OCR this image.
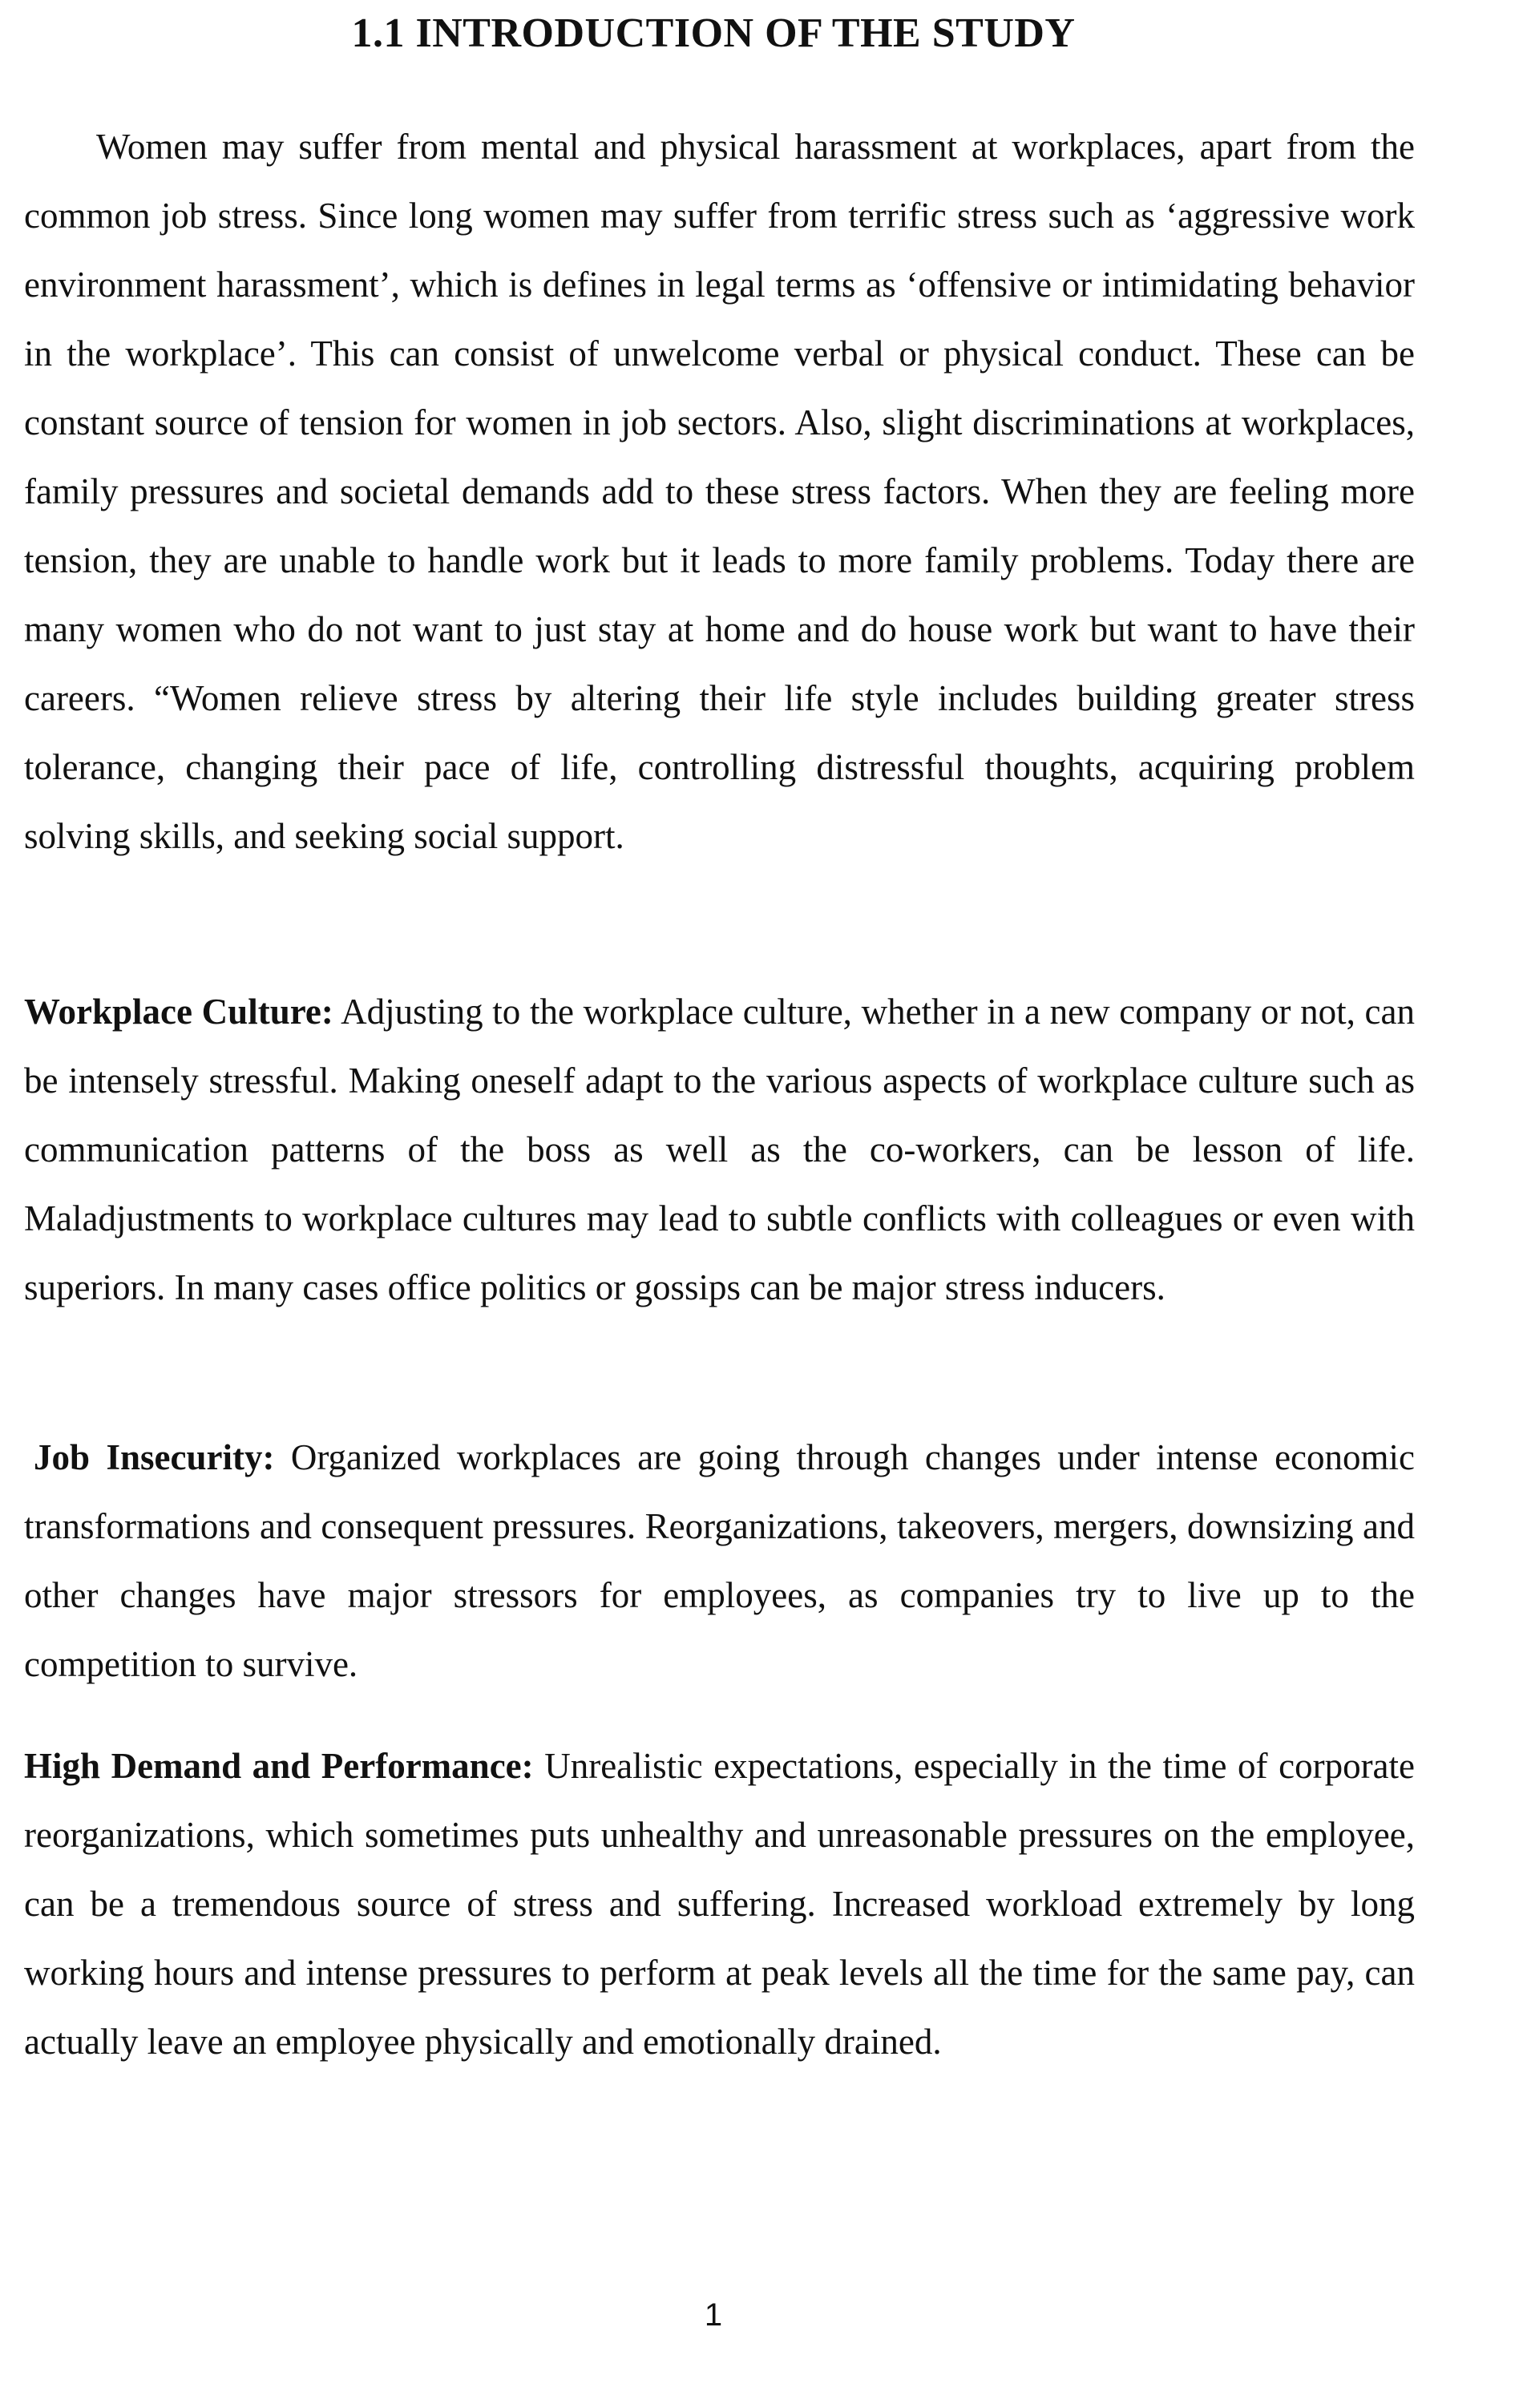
1.1 INTRODUCTION OF THE STUDY

Women may suffer from mental and physical harassment at workplaces, apart from the common job stress. Since long women may suffer from terrific stress such as ‘aggressive work environment harassment’, which is defines in legal terms as ‘offensive or intimidating behavior in the workplace’. This can consist of unwelcome verbal or physical conduct. These can be constant source of tension for women in job sectors. Also, slight discriminations at workplaces, family pressures and societal demands add to these stress factors. When they are feeling more tension, they are unable to handle work but it leads to more family problems. Today there are many women who do not want to just stay at home and do house work but want to have their careers. “Women relieve stress by altering their life style includes building greater stress tolerance, changing their pace of life, controlling distressful thoughts, acquiring problem solving skills, and seeking social support.

Workplace Culture: Adjusting to the workplace culture, whether in a new company or not, can be intensely stressful. Making oneself adapt to the various aspects of workplace culture such as communication patterns of the boss as well as the co-workers, can be lesson of life. Maladjustments to workplace cultures may lead to subtle conflicts with colleagues or even with superiors. In many cases office politics or gossips can be major stress inducers.

Job Insecurity: Organized workplaces are going through changes under intense economic transformations and consequent pressures. Reorganizations, takeovers, mergers, downsizing and other changes have major stressors for employees, as companies try to live up to the competition to survive.

High Demand and Performance: Unrealistic expectations, especially in the time of corporate reorganizations, which sometimes puts unhealthy and unreasonable pressures on the employee, can be a tremendous source of stress and suffering. Increased workload extremely by long working hours and intense pressures to perform at peak levels all the time for the same pay, can actually leave an employee physically and emotionally drained.

1
